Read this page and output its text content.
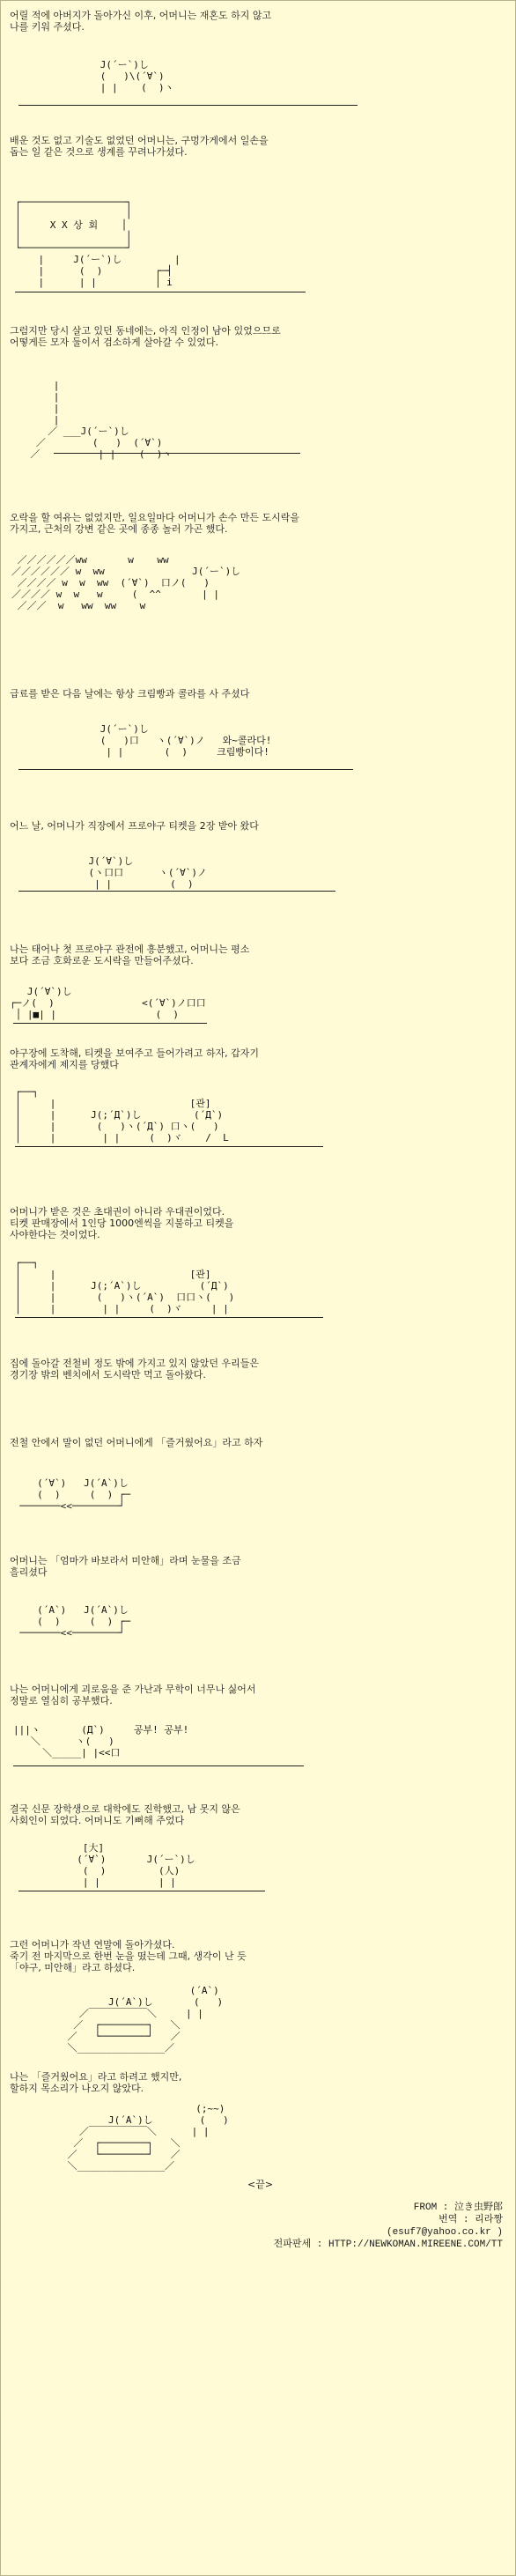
어릴 적에 아버지가 돌아가신 이후, 어머니는 재혼도 하지 않고
나를 키워 주셨다.

J(´ー`)し
(   )\(´∀`)
| |    (  )ヽ

배운 것도 없고 기술도 없었던 어머니는, 구멍가게에서 일손을
돕는 일 같은 것으로 생계를 꾸려나가셨다.

┌──────────────────┐
│                  │
│     X X 상 회    │
│                  │
└──────────────────┘
|     J(´ー`)し         |
|      (  )         ┌─┤
|      | |          │ i

그럼지만 당시 살고 있던 동네에는, 아직 인정이 남아 있었으므로
어떻게든 모자 둘이서 검소하게 살아갈 수 있었다.

|
|
|
|
／ ___J(´ー`)し
／        (   )  (´∀`)
／          | |    (  )ヽ

오락을 할 여유는 없었지만, 일요일마다 어머니가 손수 만든 도시락을
가지고, 근처의 강변 같은 곳에 종종 놀러 가곤 했다.

／／／／／／ww       w    ww
／／／／／／ w  ww               J(´ー`)し
／／／／ w  w  ww  (´∀`)  口ノ(   )
／／／／ w  w   w     (  ^^       | |
／／／  w   ww  ww    w

급료를 받은 다음 날에는 항상 크림빵과 콜라를 사 주셨다

J(´ー`)し
(   )口   ヽ(´∀`)ノ   와~콜라다!
| |       (  )     크림빵이다!

어느 날, 어머니가 직장에서 프로야구 티켓을 2장 받아 왔다

J(´∀`)し
(ヽ口口      ヽ(´∀`)ノ
| |          (  )

나는 태어나 첫 프로야구 관전에 흥분했고, 어머니는 평소
보다 조금 호화로운 도시락을 만들어주셨다.

J(´∀`)し
┌─ノ(  )               <(´∀`)ノ口口
│ |■| |                 (  )

야구장에 도착해, 티켓을 보여주고 들어가려고 하자, 갑자기
관계자에게 제지를 당했다

┌──┐
│     |                       [관]
│     |      J(;´Д`)し         (´Д`)
│     |       (   )ヽ(´Д`) 口ヽ(   )
│     |        | |     (  )ヾ    /  L

어머니가 받은 것은 초대권이 아니라 우대권이었다.
티켓 판매장에서 1인당 1000엔씩을 지불하고 티켓을
사야한다는 것이었다.

┌──┐
│     |                       [관]
│     |      J(;´A`)し          (´Д`)
│     |       (   )ヽ(´A`)  口口ヽ(   )
│     |        | |     (  )ヾ     | |

집에 돌아갈 전철비 정도 밖에 가지고 있지 않았던 우리들은
경기장 밖의 벤치에서 도시락만 먹고 돌아왔다.

전철 안에서 말이 없던 어머니에게 「즐거웠어요」라고 하자

(´∀`)   J(´A`)し
(  )     (  ) ┌─
───────<<────────┘

어머니는 「엄마가 바보라서 미안해」라며 눈물을 조금
흘리셨다

(´A`)   J(´A`)し
(  )     (  ) ┌─
───────<<────────┘

나는 어머니에게 괴로움을 준 가난과 무학이 너무나 싫어서
정말로 열심히 공부했다.

|||ヽ       (Д`)     공부! 공부!
＼      ヽ(   )
＼_____| |<<口

결국 신문 장학생으로 대학에도 진학했고, 남 못지 않은
사회인이 되었다. 어머니도 기뻐해 주었다

[大]
(´∀`)       J(´ー`)し
(  )         (人)
| |          | |

그런 어머니가 작년 연말에 돌아가셨다.
죽기 전 마지막으로 한번 눈을 떴는데 그때, 생각이 난 듯
「야구, 미안해」라고 하셨다.

(´A`)
J(´A`)し       (   )
／￣￣￣￣￣￣＼     | |
／  ┌────────┐   ＼
／   └────────┘   ／
＼_______________／

나는 「즐거웠어요」라고 하려고 했지만,
할하지 목소리가 나오지 않았다.

(;~~)
J(´A`)し        (   )
／￣￣￣￣￣￣＼      | |
／  ┌────────┐   ＼
／   └────────┘   ／
＼_______________／
<끝>
FROM : 泣き虫野郎
번역 : 리라짱
(esuf7@yahoo.co.kr )
전파판세 : HTTP://NEWKOMAN.MIREENE.COM/TT
